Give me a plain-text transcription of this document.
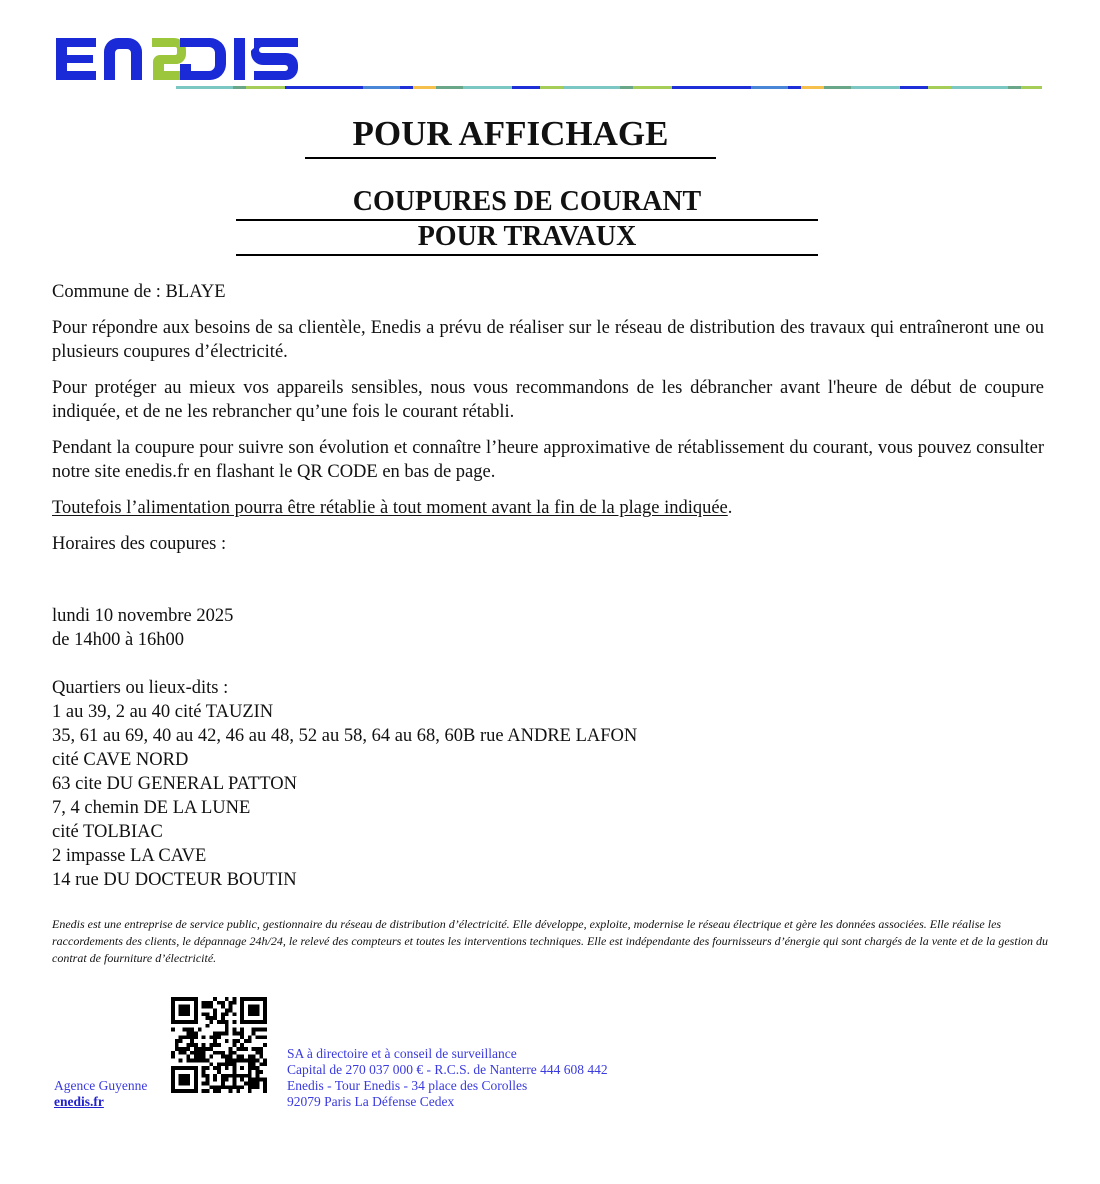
POUR AFFICHAGE
COUPURES DE COURANT
POUR TRAVAUX
Commune de : BLAYE
Pour répondre aux besoins de sa clientèle, Enedis a prévu de réaliser sur le réseau de distribution des travaux qui entraîneront une ou plusieurs coupures d’électricité.
Pour protéger au mieux vos appareils sensibles, nous vous recommandons de les débrancher avant l'heure de début de coupure indiquée, et de ne les rebrancher qu’une fois le courant rétabli.
Pendant la coupure pour suivre son évolution et connaître l’heure approximative de rétablissement du courant, vous pouvez consulter notre site enedis.fr en flashant le QR CODE en bas de page.
Toutefois l’alimentation pourra être rétablie à tout moment avant la fin de la plage indiquée.
Horaires des coupures :
lundi 10 novembre 2025
de 14h00 à 16h00
Quartiers ou lieux-dits :
1 au 39, 2 au 40 cité TAUZIN
35, 61 au 69, 40 au 42, 46 au 48, 52 au 58, 64 au 68, 60B rue ANDRE LAFON
cité CAVE NORD
63 cite DU GENERAL PATTON
7, 4 chemin DE LA LUNE
cité TOLBIAC
2 impasse LA CAVE
14 rue DU DOCTEUR BOUTIN
Enedis est une entreprise de service public, gestionnaire du réseau de distribution d’électricité. Elle développe, exploite, modernise le réseau électrique et gère les données associées. Elle réalise les raccordements des clients, le dépannage 24h/24, le relevé des compteurs et toutes les interventions techniques. Elle est indépendante des fournisseurs d’énergie qui sont chargés de la vente et de la gestion du contrat de fourniture d’électricité.
Agence Guyenne
enedis.fr
SA à directoire et à conseil de surveillance
Capital de 270 037 000 € - R.C.S. de Nanterre 444 608 442
Enedis - Tour Enedis - 34 place des Corolles
92079 Paris La Défense Cedex
